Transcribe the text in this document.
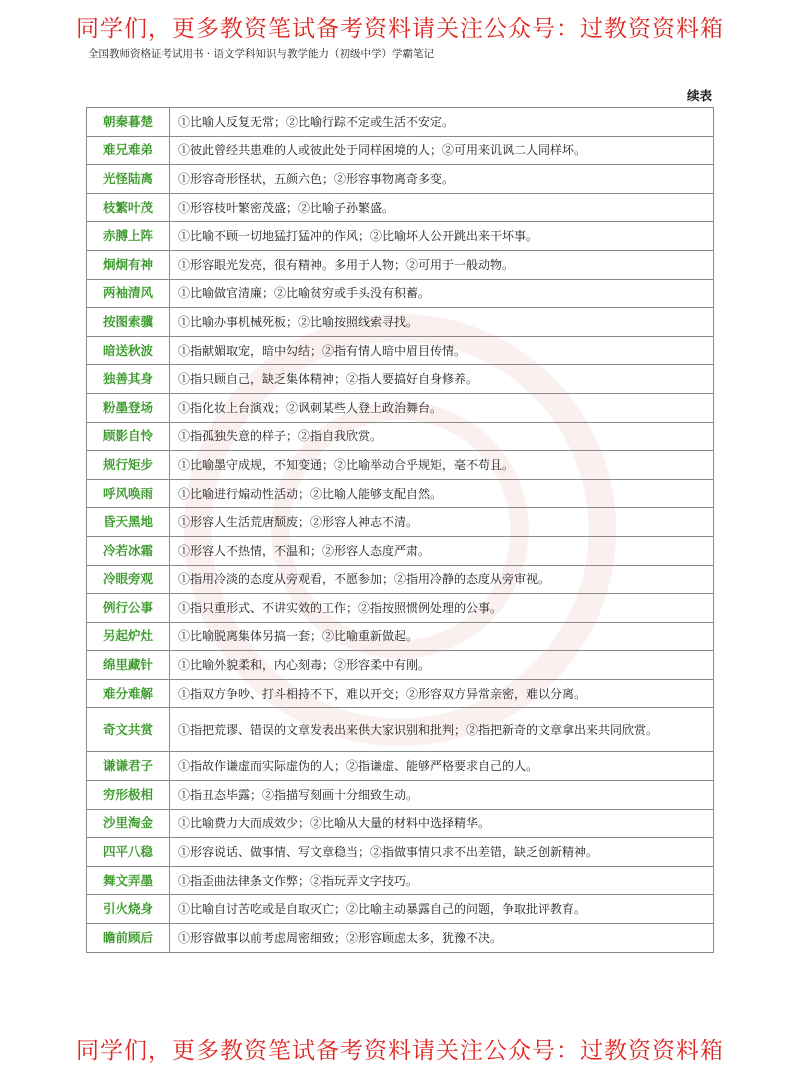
同学们，更多教资笔试备考资料请关注公众号：过教资资料箱
全国教师资格证考试用书 · 语文学科知识与教学能力（初级中学）学霸笔记
续表
朝秦暮楚	①比喻人反复无常；②比喻行踪不定或生活不安定。
难兄难弟	①彼此曾经共患难的人或彼此处于同样困境的人；②可用来讥讽二人同样坏。
光怪陆离	①形容奇形怪状，五颜六色；②形容事物离奇多变。
枝繁叶茂	①形容枝叶繁密茂盛；②比喻子孙繁盛。
赤膊上阵	①比喻不顾一切地猛打猛冲的作风；②比喻坏人公开跳出来干坏事。
炯炯有神	①形容眼光发亮，很有精神。多用于人物；②可用于一般动物。
两袖清风	①比喻做官清廉；②比喻贫穷或手头没有积蓄。
按图索骥	①比喻办事机械死板；②比喻按照线索寻找。
暗送秋波	①指献媚取宠，暗中勾结；②指有情人暗中眉目传情。
独善其身	①指只顾自己，缺乏集体精神；②指人要搞好自身修养。
粉墨登场	①指化妆上台演戏；②讽刺某些人登上政治舞台。
顾影自怜	①指孤独失意的样子；②指自我欣赏。
规行矩步	①比喻墨守成规，不知变通；②比喻举动合乎规矩，毫不苟且。
呼风唤雨	①比喻进行煽动性活动；②比喻人能够支配自然。
昏天黑地	①形容人生活荒唐颓废；②形容人神志不清。
冷若冰霜	①形容人不热情，不温和；②形容人态度严肃。
冷眼旁观	①指用冷淡的态度从旁观看，不愿参加；②指用冷静的态度从旁审视。
例行公事	①指只重形式、不讲实效的工作；②指按照惯例处理的公事。
另起炉灶	①比喻脱离集体另搞一套；②比喻重新做起。
绵里藏针	①比喻外貌柔和，内心刻毒；②形容柔中有刚。
难分难解	①指双方争吵、打斗相持不下，难以开交；②形容双方异常亲密，难以分离。
奇文共赏	①指把荒谬、错误的文章发表出来供大家识别和批判；②指把新奇的文章拿出来共同欣赏。
谦谦君子	①指故作谦虚而实际虚伪的人；②指谦虚、能够严格要求自己的人。
穷形极相	①指丑态毕露；②指描写刻画十分细致生动。
沙里淘金	①比喻费力大而成效少；②比喻从大量的材料中选择精华。
四平八稳	①形容说话、做事情、写文章稳当；②指做事情只求不出差错，缺乏创新精神。
舞文弄墨	①指歪曲法律条文作弊；②指玩弄文字技巧。
引火烧身	①比喻自讨苦吃或是自取灭亡；②比喻主动暴露自己的问题，争取批评教育。
瞻前顾后	①形容做事以前考虑周密细致；②形容顾虑太多，犹豫不决。
同学们，更多教资笔试备考资料请关注公众号：过教资资料箱
